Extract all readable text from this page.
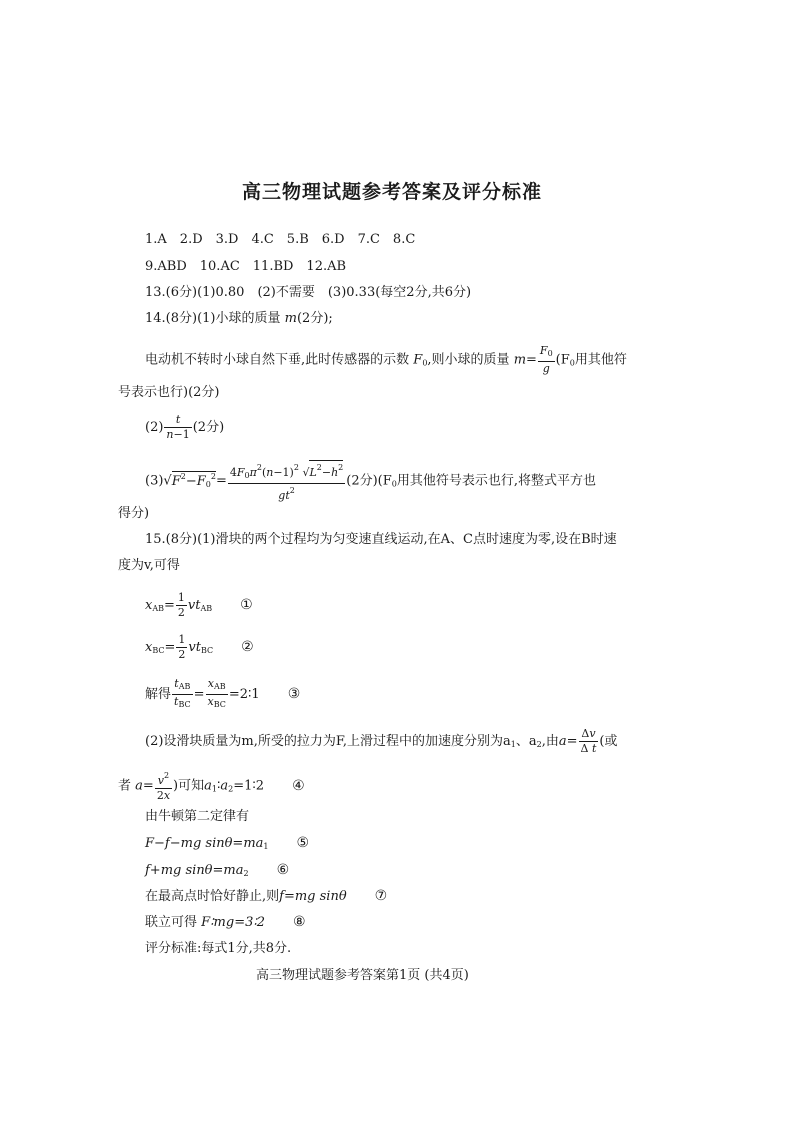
高三物理试题参考答案及评分标准
1.A　2.D　3.D　4.C　5.B　6.D　7.C　8.C
9.ABD　10.AC　11.BD　12.AB
13.(6分)(1)0.80　(2)不需要　(3)0.33(每空2分,共6分)
14.(8分)(1)小球的质量 m(2分);
电动机不转时小球自然下垂,此时传感器的示数 $F_0$,则小球的质量 $m= \frac{F_0}{g} (F_0$用其他符
号表示也行)(2分)
$(2) \frac{t}{n-1} (2$分)
$(3)√F^2-F_0^2= \frac{4F_0\pi^2(n-1)^2 √L^2-h^2}{gt^2} (2$分)($F_0$用其他符号表示也行,将整式平方也
得分)
15.(8分)(1)滑块的两个过程均为匀变速直线运动,在A、C点时速度为零,设在B时速
度为v,可得
$x_{AB}= \frac{1}{2} vt_{AB}$ ①
$x_{BC}= \frac{1}{2} vt_{BC}$ ②
解得 $\frac{t_{AB}}{t_{BC}} = \frac{x_{AB}}{x_{BC}}$ =2∶1 ③
(2)设滑块质量为m,所受的拉力为F,上滑过程中的加速度分别为$a_1$、$a_2$,由$a= \frac{\Delta v}{\text{Δ t}}$ (或
者 $a= \frac{v^2}{2x}$ )可知$a_1∶a_2=1∶2$ ④
由牛顿第二定律有
F−f−mg $\sin\theta=ma_1$ ⑤
f+mg $\sin\theta=ma_2$ ⑥
在最高点时恰好静止,则f=mg sinθ ⑦
联立可得 F∶mg=3∶2 ⑧
评分标准:每式1分,共8分.
高三物理试题参考答案第1页 (共4页)
